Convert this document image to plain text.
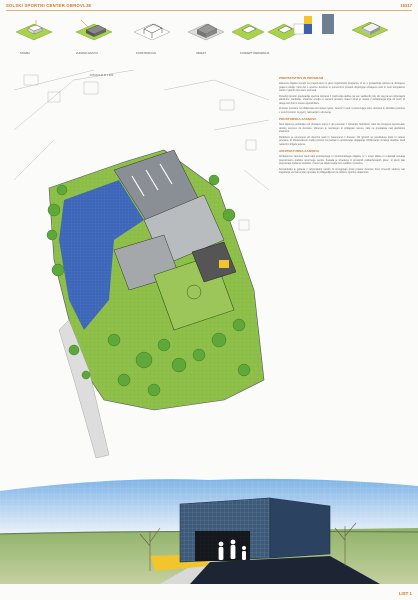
SOLSKI SPORTNI CENTER OBROVLJE	15317
STAVBA	ZUNANJI RAZVOJ	KONSTRUKCIJA	OBJEKT	KONCEPT PARKIRANJA
SITUACIJA M 1:500
PREDSTAVITEV IN PROGRAM

Zasnova objekta temelji na prepoznavni in jasni organizaciji programa, ki se s postavitvijo odziva na obstojece grajeno okolje. Novi del s sportno dvorano in pomoznimi prostori dopolnjuje obstojeco solo in tvori kompaktno celoto z jasnim loceniem prometa.

Osrednji prostor predstavlja sportna dvorana z moznostjo delitve na vec vadbenih polj, ob njej pa so razporejeni slacilnice, sanitarije, shrambe orodja in upravni prostori. Glavni vhod je urejen z dostopnega trga ob cesti, ki deluje kot zbirno mesto uporabnikov.

Zunanje povrsine so oblikovane kot sistem igrisc, zelenic in poti, ki povezujejo solo, dvorano in okoliske povrsine v enovit prostor za sport, rekreacijo in druzenje.

PROSTORSKA ZASNOVA

Novi objekt je postavljen ob obstojeci soli in z njo povezan z notranjim hodnikom, tako da omogoca neposreden dostop ucencev do dvorane. Volumen je razclenjen in prilagojen terenu, zato ne prevladuje nad okoliskimi stavbami.

Parkirisce je umesceno ob dovozni cesti in zasenceno z drevesi. Ob igriscih so predvidene klopi in zelene povrsine, ki obiskovalcem nudijo prostor za pocitek in opazovanje dogajanja. Oblikovanje zunanje ureditve sledi naravnim linijam terena.

ARHITEKTURNA ZASNOVA

Arhitekturna zasnova sledi ideji enostavnega in funkcionalnega objekta, ki s svojo obliko in materiali ustvarja prepoznavno podobo sportnega centra. Fasada je izvedena iz prosojnih polikarbonatnih plosc, ki skozi dan prepuscajo naravno svetlobo, zvecer pa objekt zasije kot svetilka v prostoru.

Konstrukcija je jeklena z razponskimi nosilci, ki omogocajo prost prostor dvorane brez vmesnih stebrov, kar zagotavlja vecnamensko uporabo in prilagodljivost za razlicne sportne dejavnosti.

LIST 1
